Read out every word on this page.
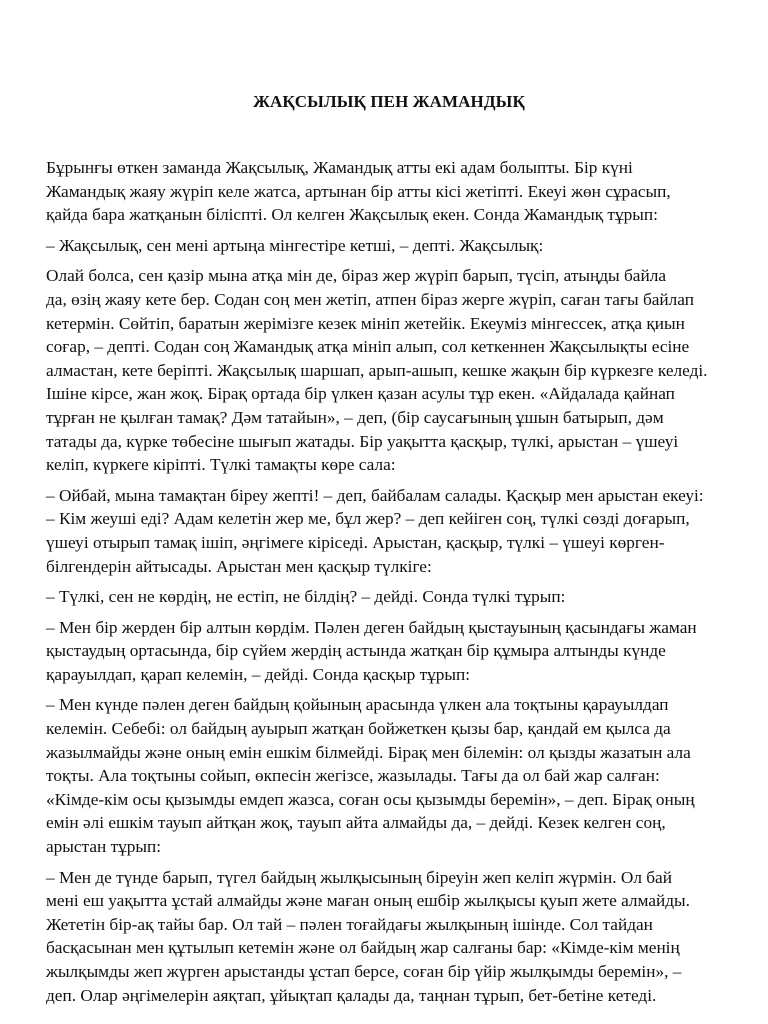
ЖАҚСЫЛЫҚ ПЕН ЖАМАНДЫҚ

Бұрынғы өткен заманда Жақсылық, Жамандық атты екі адам болыпты. Бір күні
Жамандық жаяу жүріп келе жатса, артынан бір атты кісі жетіпті. Екеуі жөн сұрасып,
қайда бара жатқанын біліспті. Ол келген Жақсылық екен. Сонда Жамандық тұрып:

– Жақсылық, сен мені артыңа мінгестіре кетші, – депті. Жақсылық:

Олай болса, сен қазір мына атқа мін де, біраз жер жүріп барып, түсіп, атыңды байла
да, өзің жаяу кете бер. Содан соң мен жетіп, атпен біраз жерге жүріп, саған тағы байлап
кетермін. Сөйтіп, баратын жерімізге кезек мініп жетейік. Екеуміз мінгессек, атқа қиын
соғар, – депті. Содан соң Жамандық атқа мініп алып, сол кеткеннен Жақсылықты есіне
алмастан, кете беріпті. Жақсылық шаршап, арып-ашып, кешке жақын бір күркезге келеді.
Ішіне кірсе, жан жоқ. Бірақ ортада бір үлкен қазан асулы тұр екен. «Айдалада қайнап
тұрған не қылған тамақ? Дәм татайын», – деп, (бір саусағының ұшын батырып, дәм
татады да, күрке төбесіне шығып жатады. Бір уақытта қасқыр, түлкі, арыстан – үшеуі
келіп, күркеге кіріпті. Түлкі тамақты көре сала:

– Ойбай, мына тамақтан біреу жепті! – деп, байбалам салады. Қасқыр мен арыстан екеуі:
– Кім жеуші еді? Адам келетін жер ме, бұл жер? – деп кейіген соң, түлкі сөзді доғарып,
үшеуі отырып тамақ ішіп, әңгімеге кіріседі. Арыстан, қасқыр, түлкі – үшеуі көрген-
білгендерін айтысады. Арыстан мен қасқыр түлкіге:

– Түлкі, сен не көрдің, не естіп, не білдің? – дейді. Сонда түлкі тұрып:

– Мен бір жерден бір алтын көрдім. Пәлен деген байдың қыстауының қасындағы жаман
қыстаудың ортасында, бір сүйем жердің астында жатқан бір құмыра алтынды күнде
қарауылдап, қарап келемін, – дейді. Сонда қасқыр тұрып:

– Мен күнде пәлен деген байдың қойының арасында үлкен ала тоқтыны қарауылдап
келемін. Себебі: ол байдың ауырып жатқан бойжеткен қызы бар, қандай ем қылса да
жазылмайды және оның емін ешкім білмейді. Бірақ мен білемін: ол қызды жазатын ала
тоқты. Ала тоқтыны сойып, өкпесін жегізсе, жазылады. Тағы да ол бай жар салған:
«Кімде-кім осы қызымды емдеп жазса, соған осы қызымды беремін», – деп. Бірақ оның
емін әлі ешкім тауып айтқан жоқ, тауып айта алмайды да, – дейді. Кезек келген соң,
арыстан тұрып:

– Мен де түнде барып, түгел байдың жылқысының біреуін жеп келіп жүрмін. Ол бай
мені еш уақытта ұстай алмайды және маған оның ешбір жылқысы қуып жете алмайды.
Жететін бір-ақ тайы бар. Ол тай – пәлен тоғайдағы жылқының ішінде. Сол тайдан
басқасынан мен құтылып кетемін және ол байдың жар салғаны бар: «Кімде-кім менің
жылқымды жеп жүрген арыстанды ұстап берсе, соған бір үйір жылқымды беремін», –
деп. Олар әңгімелерін аяқтап, ұйықтап қалады да, таңнан тұрып, бет-бетіне кетеді.
